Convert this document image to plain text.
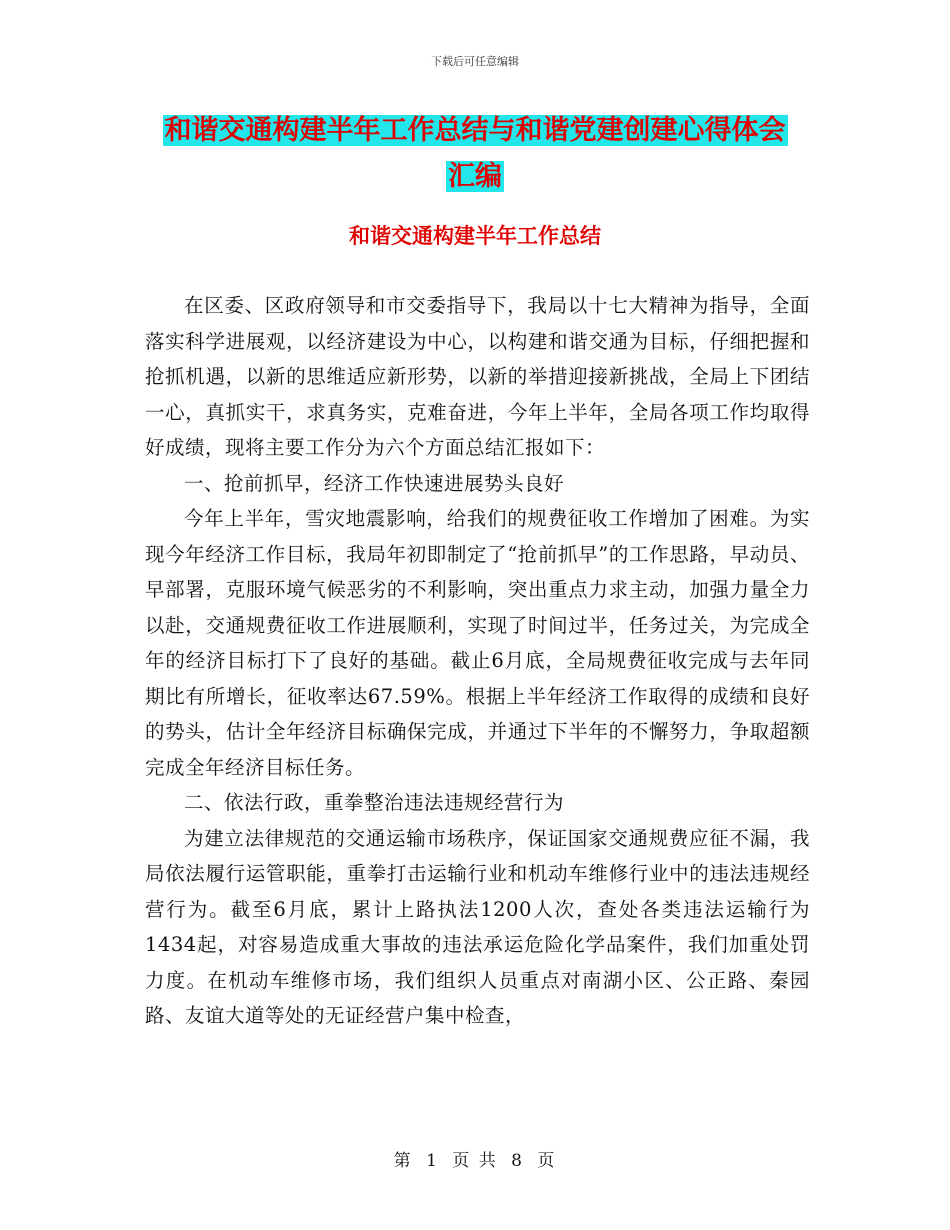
下载后可任意编辑
和谐交通构建半年工作总结与和谐党建创建心得体会
汇编
和谐交通构建半年工作总结

在区委、区政府领导和市交委指导下，我局以十七大精神为指导，全面落实科学进展观，以经济建设为中心，以构建和谐交通为目标，仔细把握和抢抓机遇，以新的思维适应新形势，以新的举措迎接新挑战，全局上下团结一心，真抓实干，求真务实，克难奋进，今年上半年，全局各项工作均取得好成绩，现将主要工作分为六个方面总结汇报如下：

一、抢前抓早，经济工作快速进展势头良好

今年上半年，雪灾地震影响，给我们的规费征收工作增加了困难。为实现今年经济工作目标，我局年初即制定了“抢前抓早”的工作思路，早动员、早部署，克服环境气候恶劣的不利影响，突出重点力求主动，加强力量全力以赴，交通规费征收工作进展顺利，实现了时间过半，任务过关，为完成全年的经济目标打下了良好的基础。截止6月底，全局规费征收完成与去年同期比有所增长，征收率达67.59%。根据上半年经济工作取得的成绩和良好的势头，估计全年经济目标确保完成，并通过下半年的不懈努力，争取超额完成全年经济目标任务。

二、依法行政，重拳整治违法违规经营行为

为建立法律规范的交通运输市场秩序，保证国家交通规费应征不漏，我局依法履行运管职能，重拳打击运输行业和机动车维修行业中的违法违规经营行为。截至6月底，累计上路执法1200人次，查处各类违法运输行为1434起，对容易造成重大事故的违法承运危险化学品案件，我们加重处罚力度。在机动车维修市场，我们组织人员重点对南湖小区、公正路、秦园路、友谊大道等处的无证经营户集中检查，

第 1 页 共 8 页
